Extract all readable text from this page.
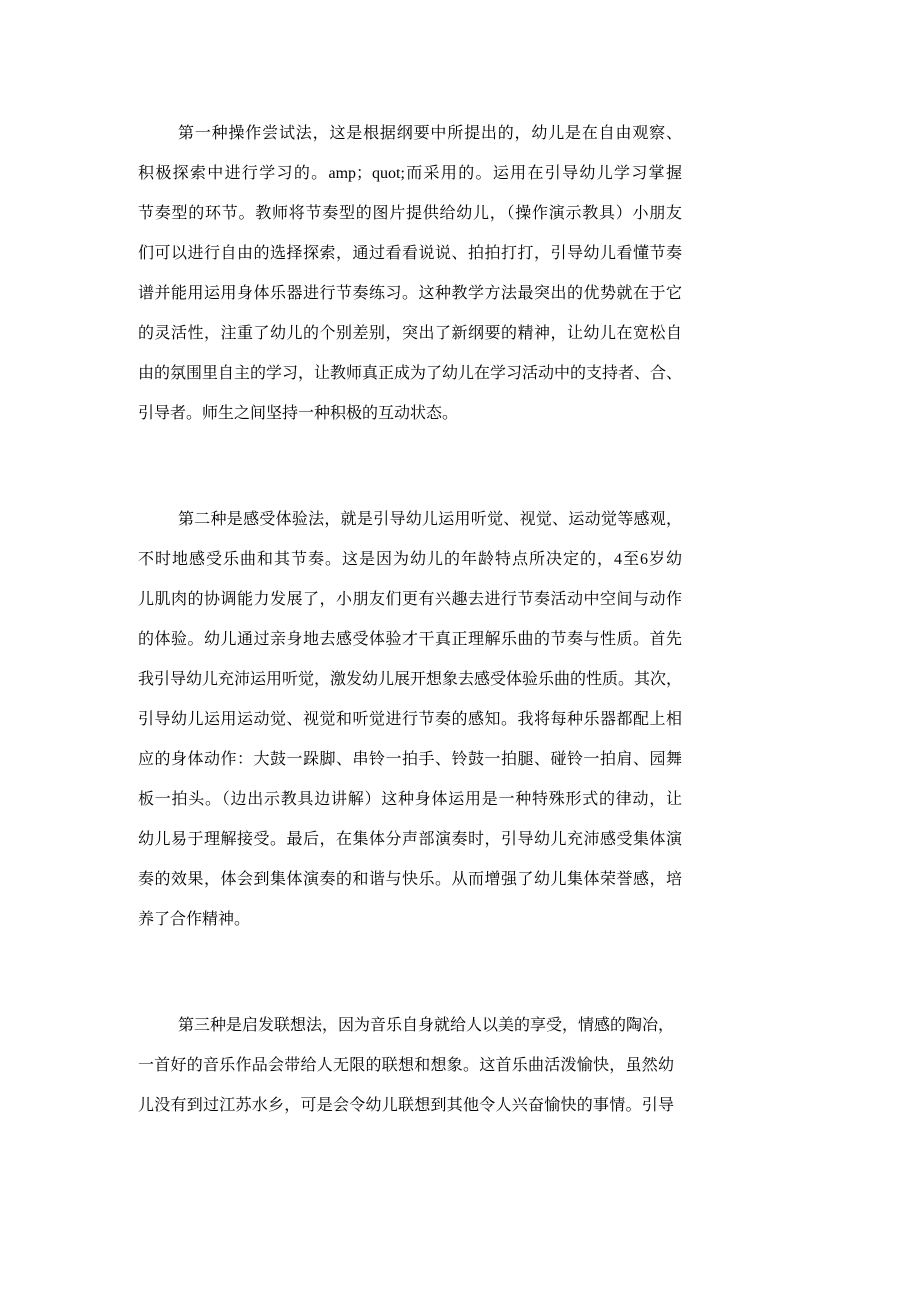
第一种操作尝试法，这是根据纲要中所提出的，幼儿是在自由观察、
积极探索中进行学习的。amp；quot;而采用的。运用在引导幼儿学习掌握
节奏型的环节。教师将节奏型的图片提供给幼儿，（操作演示教具）小朋友
们可以进行自由的选择探索，通过看看说说、拍拍打打，引导幼儿看懂节奏
谱并能用运用身体乐器进行节奏练习。这种教学方法最突出的优势就在于它
的灵活性，注重了幼儿的个别差别，突出了新纲要的精神，让幼儿在宽松自
由的氛围里自主的学习，让教师真正成为了幼儿在学习活动中的支持者、合、
引导者。师生之间坚持一种积极的互动状态。
第二种是感受体验法，就是引导幼儿运用听觉、视觉、运动觉等感观，
不时地感受乐曲和其节奏。这是因为幼儿的年龄特点所决定的，4至6岁幼
儿肌肉的协调能力发展了，小朋友们更有兴趣去进行节奏活动中空间与动作
的体验。幼儿通过亲身地去感受体验才干真正理解乐曲的节奏与性质。首先
我引导幼儿充沛运用听觉，激发幼儿展开想象去感受体验乐曲的性质。其次，
引导幼儿运用运动觉、视觉和听觉进行节奏的感知。我将每种乐器都配上相
应的身体动作：大鼓一跺脚、串铃一拍手、铃鼓一拍腿、碰铃一拍肩、园舞
板一拍头。（边出示教具边讲解）这种身体运用是一种特殊形式的律动，让
幼儿易于理解接受。最后，在集体分声部演奏时，引导幼儿充沛感受集体演
奏的效果，体会到集体演奏的和谐与快乐。从而增强了幼儿集体荣誉感，培
养了合作精神。
第三种是启发联想法，因为音乐自身就给人以美的享受，情感的陶冶，
一首好的音乐作品会带给人无限的联想和想象。这首乐曲活泼愉快，虽然幼
儿没有到过江苏水乡，可是会令幼儿联想到其他令人兴奋愉快的事情。引导
